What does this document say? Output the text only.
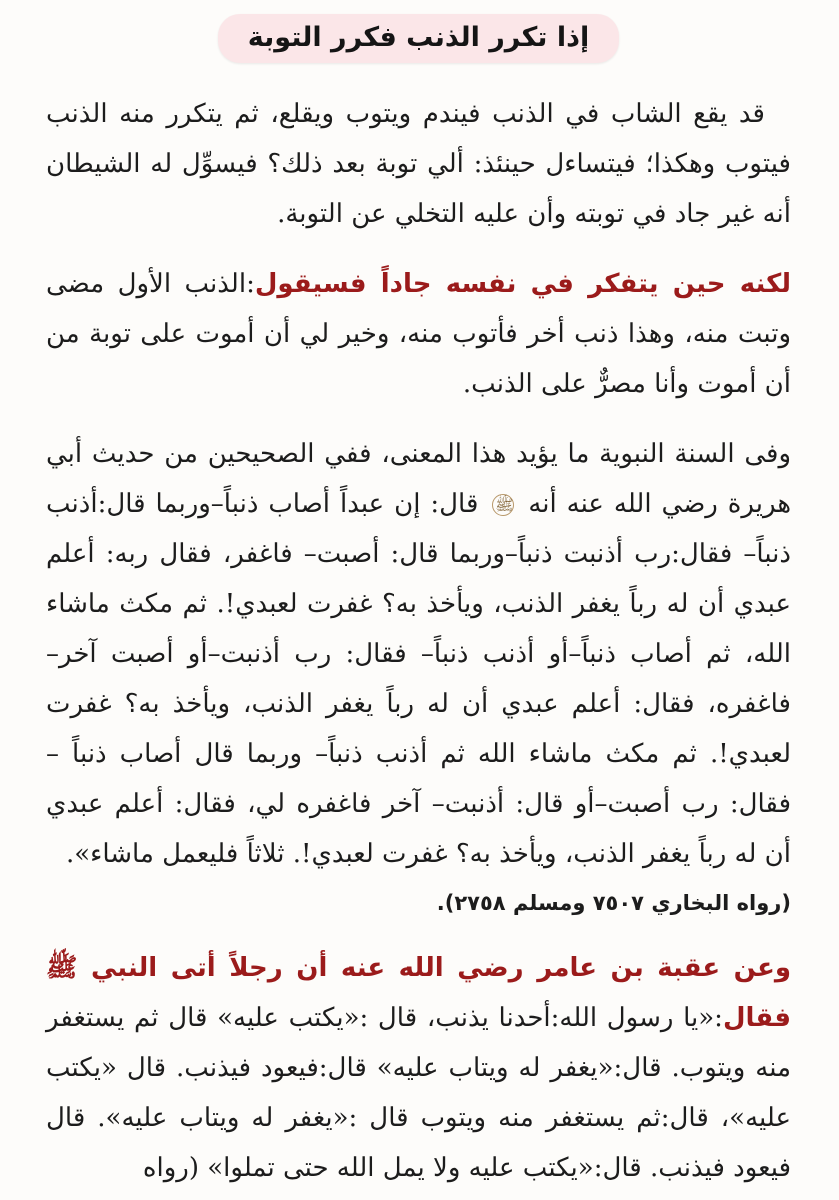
إذا تكرر الذنب فكرر التوبة

قد يقع الشاب في الذنب فيندم ويتوب ويقلع، ثم يتكرر منه الذنب فيتوب وهكذا؛ فيتساءل حينئذ: ألي توبة بعد ذلك؟ فيسوِّل له الشيطان أنه غير جاد في توبته وأن عليه التخلي عن التوبة.

لكنه حين يتفكر في نفسه جاداً فسيقول:الذنب الأول مضى وتبت منه، وهذا ذنب أخر فأتوب منه، وخير لي أن أموت على توبة من أن أموت وأنا مصرٌّ على الذنب.

وفى السنة النبوية ما يؤيد هذا المعنى، ففي الصحيحين من حديث أبي هريرة رضي الله عنه أنه ﷺ قال: إن عبداً أصاب ذنباً–وربما قال:أذنب ذنباً– فقال:رب أذنبت ذنباً–وربما قال: أصبت– فاغفر، فقال ربه: أعلم عبدي أن له رباً يغفر الذنب، ويأخذ به؟ غفرت لعبدي!. ثم مكث ماشاء الله، ثم أصاب ذنباً–أو أذنب ذنباً– فقال: رب أذنبت–أو أصبت آخر– فاغفره، فقال: أعلم عبدي أن له رباً يغفر الذنب، ويأخذ به؟ غفرت لعبدي!. ثم مكث ماشاء الله ثم أذنب ذنباً– وربما قال أصاب ذنباً – فقال: رب أصبت–أو قال: أذنبت– آخر فاغفره لي، فقال: أعلم عبدي أن له رباً يغفر الذنب، ويأخذ به؟ غفرت لعبدي!. ثلاثاً فليعمل ماشاء».

(رواه البخاري ٧٥٠٧ ومسلم ٢٧٥٨).

وعن عقبة بن عامر رضي الله عنه أن رجلاً أتى النبي ﷺ فقال:«يا رسول الله:أحدنا يذنب، قال :«يكتب عليه» قال ثم يستغفر منه ويتوب. قال:«يغفر له ويتاب عليه» قال:فيعود فيذنب. قال «يكتب عليه»، قال:ثم يستغفر منه ويتوب قال :«يغفر له ويتاب عليه». قال فيعود فيذنب. قال:«يكتب عليه ولا يمل الله حتى تملوا» (رواه
